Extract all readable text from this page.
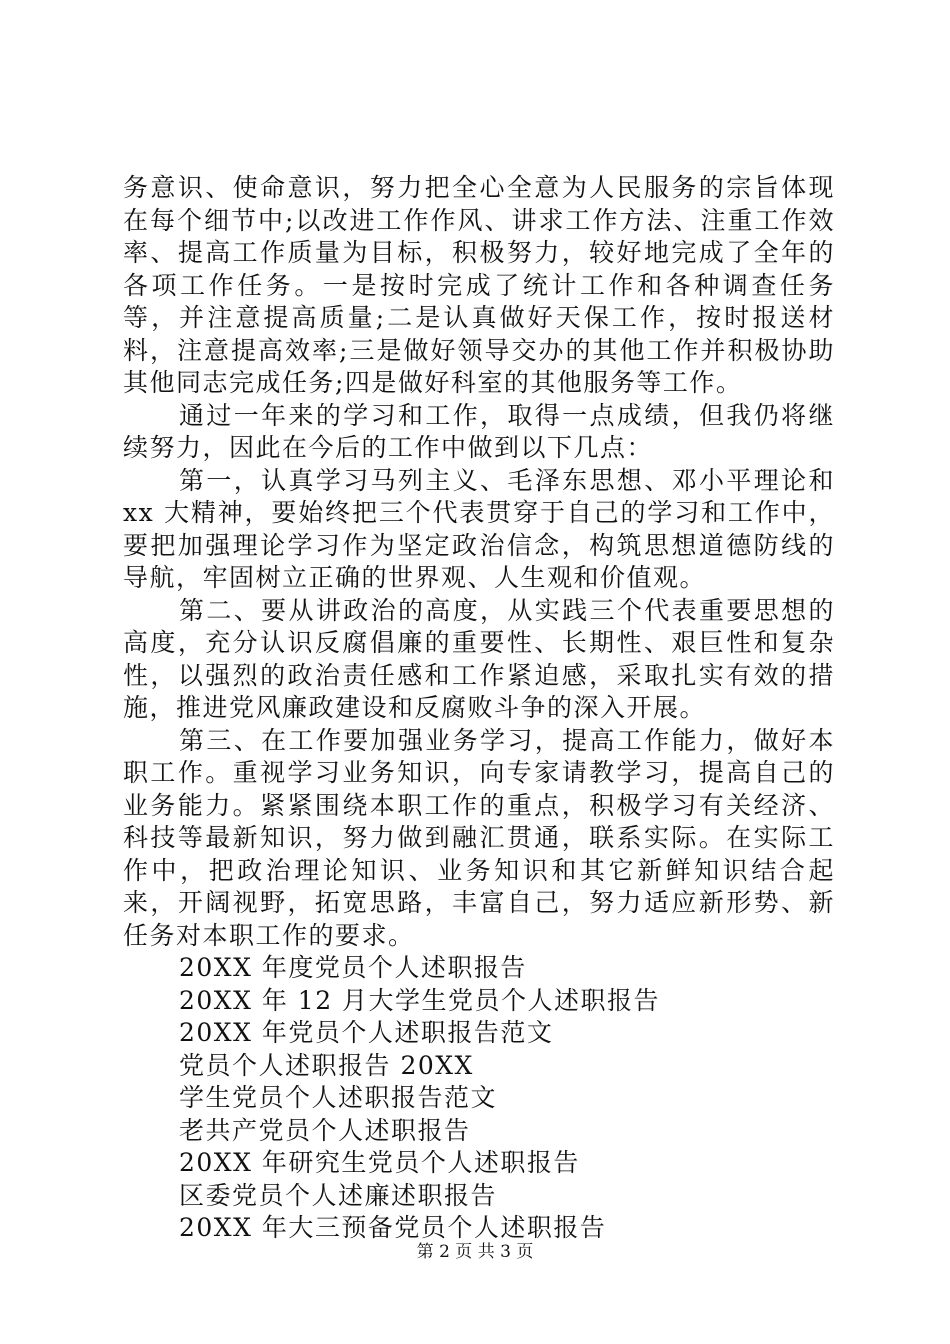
务意识、使命意识，努力把全心全意为人民服务的宗旨体现在每个细节中;以改进工作作风、讲求工作方法、注重工作效率、提高工作质量为目标，积极努力，较好地完成了全年的各项工作任务。一是按时完成了统计工作和各种调查任务等，并注意提高质量;二是认真做好天保工作，按时报送材料，注意提高效率;三是做好领导交办的其他工作并积极协助其他同志完成任务;四是做好科室的其他服务等工作。

通过一年来的学习和工作，取得一点成绩，但我仍将继续努力，因此在今后的工作中做到以下几点：

第一，认真学习马列主义、毛泽东思想、邓小平理论和 xx 大精神，要始终把三个代表贯穿于自己的学习和工作中，要把加强理论学习作为坚定政治信念，构筑思想道德防线的导航，牢固树立正确的世界观、人生观和价值观。

第二、要从讲政治的高度，从实践三个代表重要思想的高度，充分认识反腐倡廉的重要性、长期性、艰巨性和复杂性，以强烈的政治责任感和工作紧迫感，采取扎实有效的措施，推进党风廉政建设和反腐败斗争的深入开展。

第三、在工作要加强业务学习，提高工作能力，做好本职工作。重视学习业务知识，向专家请教学习，提高自己的业务能力。紧紧围绕本职工作的重点，积极学习有关经济、科技等最新知识，努力做到融汇贯通，联系实际。在实际工作中，把政治理论知识、业务知识和其它新鲜知识结合起来，开阔视野，拓宽思路，丰富自己，努力适应新形势、新任务对本职工作的要求。

20XX 年度党员个人述职报告
20XX 年 12 月大学生党员个人述职报告
20XX 年党员个人述职报告范文
党员个人述职报告 20XX
学生党员个人述职报告范文
老共产党员个人述职报告
20XX 年研究生党员个人述职报告
区委党员个人述廉述职报告
20XX 年大三预备党员个人述职报告
第 2 页 共 3 页
